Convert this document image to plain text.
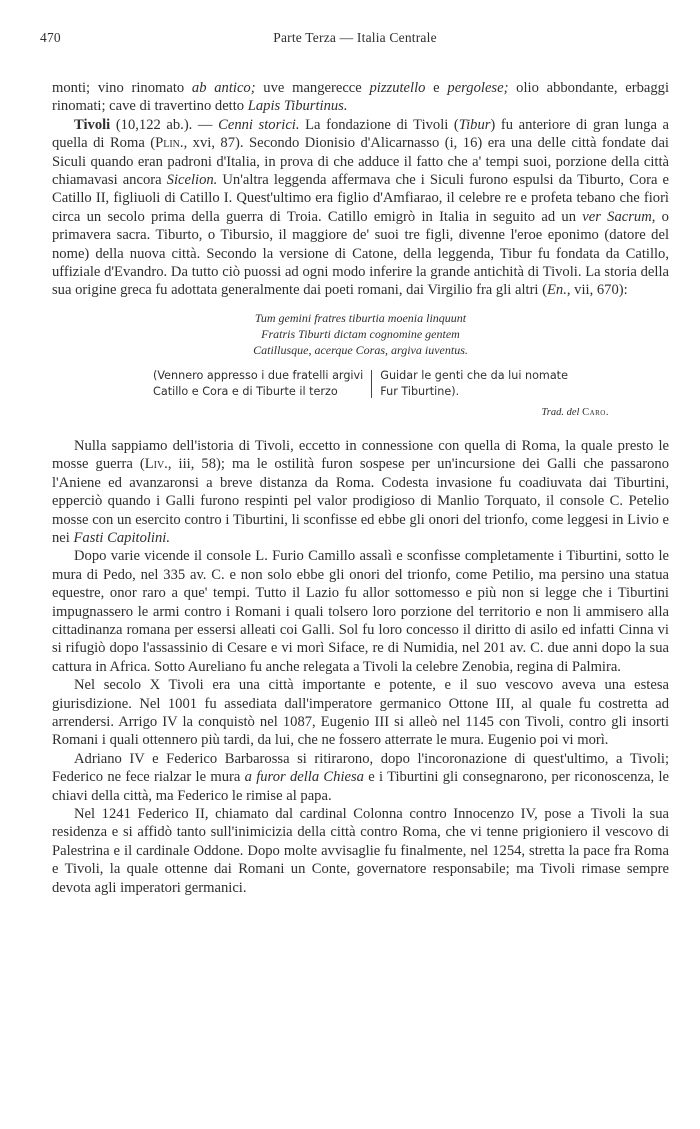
470	Parte Terza — Italia Centrale

monti; vino rinomato ab antico; uve mangerecce pizzutello e pergolese; olio abbondante, erbaggi rinomati; cave di travertino detto Lapis Tiburtinus.

Tivoli (10,122 ab.). — Cenni storici. La fondazione di Tivoli (Tibur) fu anteriore di gran lunga a quella di Roma (Plin., xvi, 87). Secondo Dionisio d'Alicarnasso (i, 16) era una delle città fondate dai Siculi quando eran padroni d'Italia, in prova di che adduce il fatto che a' tempi suoi, porzione della città chiamavasi ancora Sicelion. Un'altra leggenda affermava che i Siculi furono espulsi da Tiburto, Cora e Catillo II, figliuoli di Catillo I. Quest'ultimo era figlio d'Amfiarao, il celebre re e profeta tebano che fiorì circa un secolo prima della guerra di Troia. Catillo emigrò in Italia in seguito ad un ver Sacrum, o primavera sacra. Tiburto, o Tibursio, il maggiore de' suoi tre figli, divenne l'eroe eponimo (datore del nome) della nuova città. Secondo la versione di Catone, della leggenda, Tibur fu fondata da Catillo, uffiziale d'Evandro. Da tutto ciò puossi ad ogni modo inferire la grande antichità di Tivoli. La storia della sua origine greca fu adottata generalmente dai poeti romani, dai Virgilio fra gli altri (En., vii, 670):

Tum gemini fratres tiburtia moenia linquunt
Fratris Tiburti dictam cognomine gentem
Catillusque, acerque Coras, argiva iuventus.
(Vennero appresso i due fratelli argivi
Catillo e Cora e di Tiburte il terzo
Guidar le genti che da lui nomate
Fur Tiburtine).
Trad. del Caro.

Nulla sappiamo dell'istoria di Tivoli, eccetto in connessione con quella di Roma, la quale presto le mosse guerra (Liv., iii, 58); ma le ostilità furon sospese per un'incursione dei Galli che passarono l'Aniene ed avanzaronsi a breve distanza da Roma. Codesta invasione fu coadiuvata dai Tiburtini, epperciò quando i Galli furono respinti pel valor prodigioso di Manlio Torquato, il console C. Petelio mosse con un esercito contro i Tiburtini, li sconfisse ed ebbe gli onori del trionfo, come leggesi in Livio e nei Fasti Capitolini.

Dopo varie vicende il console L. Furio Camillo assalì e sconfisse completamente i Tiburtini, sotto le mura di Pedo, nel 335 av. C. e non solo ebbe gli onori del trionfo, come Petilio, ma persino una statua equestre, onor raro a que' tempi. Tutto il Lazio fu allor sottomesso e più non si legge che i Tiburtini impugnassero le armi contro i Romani i quali tolsero loro porzione del territorio e non li ammisero alla cittadinanza romana per essersi alleati coi Galli. Sol fu loro concesso il diritto di asilo ed infatti Cinna vi si rifugiò dopo l'assassinio di Cesare e vi morì Siface, re di Numidia, nel 201 av. C. due anni dopo la sua cattura in Africa. Sotto Aureliano fu anche relegata a Tivoli la celebre Zenobia, regina di Palmira.

Nel secolo X Tivoli era una città importante e potente, e il suo vescovo aveva una estesa giurisdizione. Nel 1001 fu assediata dall'imperatore germanico Ottone III, al quale fu costretta ad arrendersi. Arrigo IV la conquistò nel 1087, Eugenio III si alleò nel 1145 con Tivoli, contro gli insorti Romani i quali ottennero più tardi, da lui, che ne fossero atterrate le mura. Eugenio poi vi morì.

Adriano IV e Federico Barbarossa si ritirarono, dopo l'incoronazione di quest'ultimo, a Tivoli; Federico ne fece rialzar le mura a furor della Chiesa e i Tiburtini gli consegnarono, per riconoscenza, le chiavi della città, ma Federico le rimise al papa.

Nel 1241 Federico II, chiamato dal cardinal Colonna contro Innocenzo IV, pose a Tivoli la sua residenza e si affidò tanto sull'inimicizia della città contro Roma, che vi tenne prigioniero il vescovo di Palestrina e il cardinale Oddone. Dopo molte avvisaglie fu finalmente, nel 1254, stretta la pace fra Roma e Tivoli, la quale ottenne dai Romani un Conte, governatore responsabile; ma Tivoli rimase sempre devota agli imperatori germanici.
